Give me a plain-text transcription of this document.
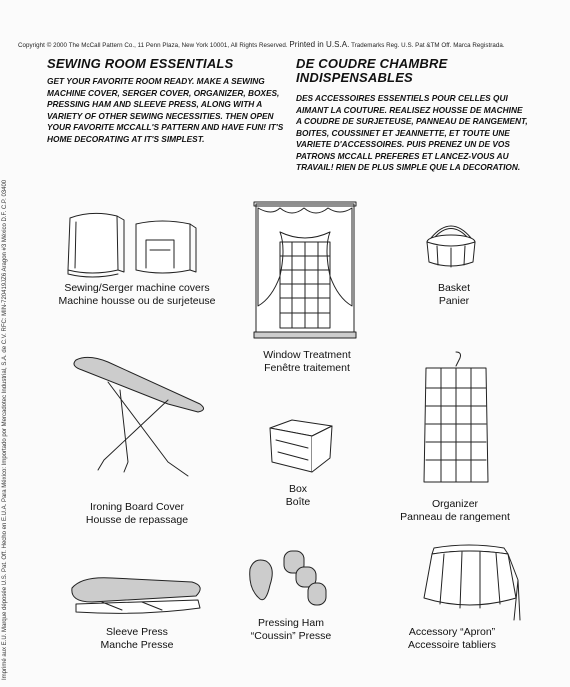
Copyright © 2000 The McCall Pattern Co., 11 Penn Plaza, New York 10001, All Rights Reserved. Printed in U.S.A. Trademarks Reg. U.S. Pat &TM Off. Marca Registrada.
Imprimé aux E.U. Marque déposée U.S. Pat. Off. Hecho en E.U.A. Para México: Importado por Mercadotec Industrial, S.A. de C.V. RFC: MIN-720419JZ6 Aragon #3 México D.F. C.P. 03400
SEWING ROOM ESSENTIALS
GET YOUR FAVORITE ROOM READY. MAKE A SEWING
MACHINE COVER, SERGER COVER, ORGANIZER, BOXES,
PRESSING HAM AND SLEEVE PRESS, ALONG WITH A
VARIETY OF OTHER SEWING NECESSITIES. THEN OPEN
YOUR FAVORITE MCCALL'S PATTERN AND HAVE FUN! IT'S
HOME DECORATING AT IT'S SIMPLEST.
DE COUDRE CHAMBRE
INDISPENSABLES
DES ACCESSOIRES ESSENTIELS POUR CELLES QUI
AIMANT LA COUTURE. REALISEZ HOUSSE DE MACHINE
A COUDRE DE SURJETEUSE, PANNEAU DE RANGEMENT,
BOITES, COUSSINET ET JEANNETTE, ET TOUTE UNE
VARIETE D'ACCESSOIRES. PUIS PRENEZ UN DE VOS
PATRONS MCCALL PREFERES ET LANCEZ-VOUS AU
TRAVAIL! RIEN DE PLUS SIMPLE QUE LA DECORATION.
Sewing/Serger machine covers
Machine housse ou de surjeteuse
Window Treatment
Fenêtre traitement
Basket
Panier
Ironing Board Cover
Housse de repassage
Box
Boîte	Organizer
Panneau de rangement
Sleeve Press
Manche Presse
Pressing Ham
“Coussin” Presse	Accessory “Apron”
Accessoire tabliers
